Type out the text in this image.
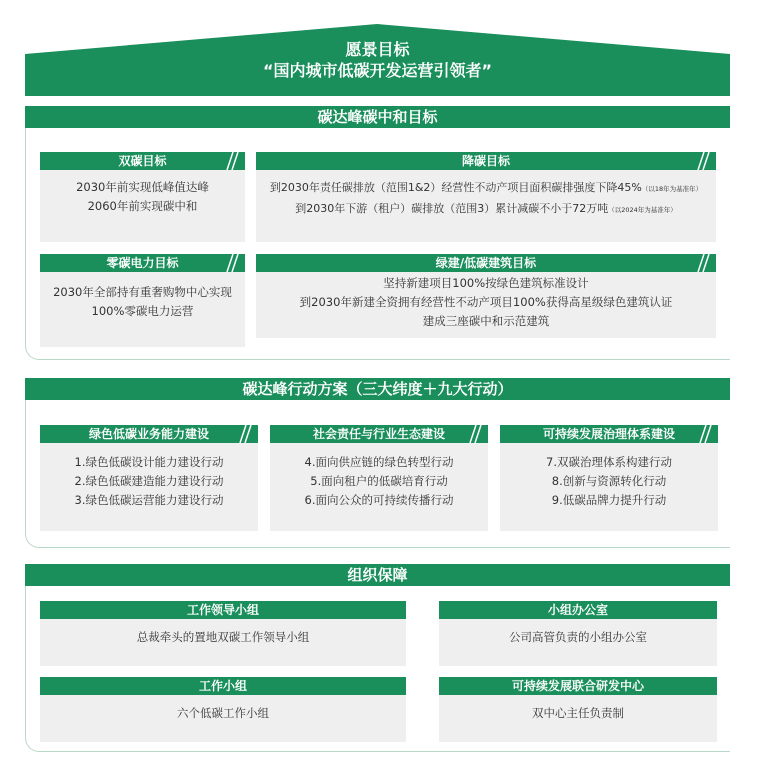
愿景目标
“国内城市低碳开发运营引领者”
碳达峰碳中和目标
双碳目标
2030年前实现低峰值达峰
2060年前实现碳中和
降碳目标
到2030年责任碳排放（范围1&2）经营性不动产项目面积碳排强度下降45%（以18年为基准年）
到2030年下游（租户）碳排放（范围3）累计减碳不小于72万吨（以2024年为基准年）
零碳电力目标
2030年全部持有重奢购物中心实现
100%零碳电力运营
绿建/低碳建筑目标
坚持新建项目100%按绿色建筑标准设计
到2030年新建全资拥有经营性不动产项目100%获得高星级绿色建筑认证
建成三座碳中和示范建筑
碳达峰行动方案（三大纬度＋九大行动）
绿色低碳业务能力建设
1.绿色低碳设计能力建设行动
2.绿色低碳建造能力建设行动
3.绿色低碳运营能力建设行动
社会责任与行业生态建设
4.面向供应链的绿色转型行动
5.面向租户的低碳培育行动
6.面向公众的可持续传播行动
可持续发展治理体系建设
7.双碳治理体系构建行动
8.创新与资源转化行动
9.低碳品牌力提升行动
组织保障
工作领导小组
总裁牵头的置地双碳工作领导小组
小组办公室
公司高管负责的小组办公室
工作小组
六个低碳工作小组
可持续发展联合研发中心
双中心主任负责制
